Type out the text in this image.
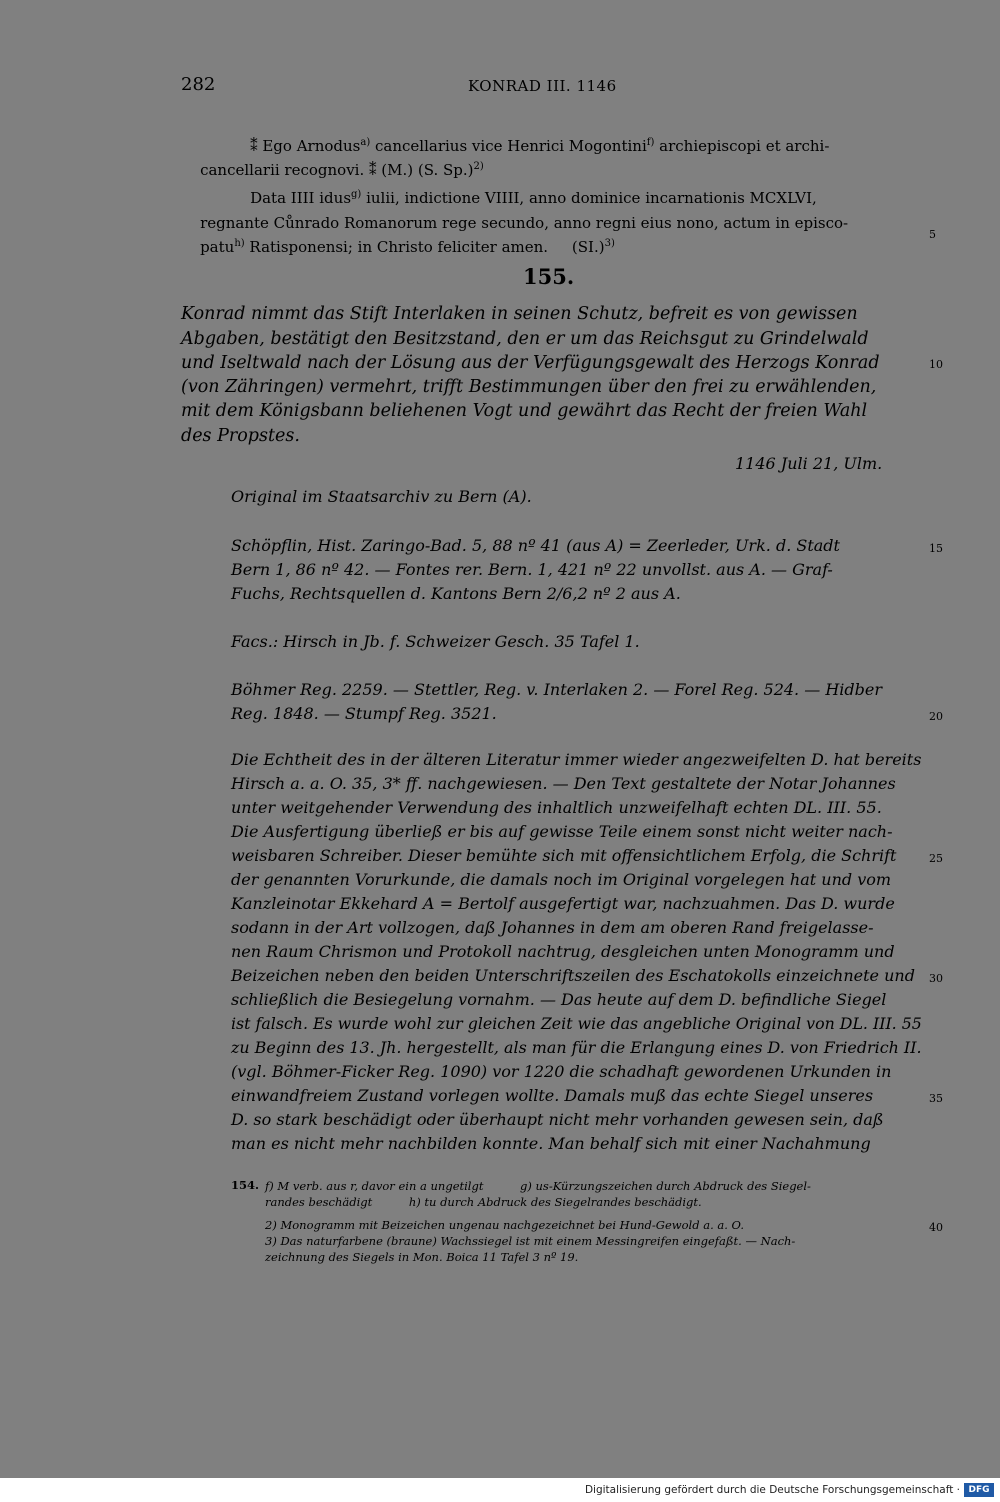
282	KONRAD III. 1146

⁑ Ego Arnodus$^{a)}$ cancellarius vice Henrici Mogontini$^{f)}$ archiepiscopi et archi-

cancellarii recognovi. ⁑ (M.) (S. Sp.)$^{2)}$

Data IIII idus$^{g)}$ iulii, indictione VIIII, anno dominice incarnationis MCXLVI,

regnante Cůnrado Romanorum rege secundo, anno regni eius nono, actum in episco-

patu$^{h)}$ Ratisponensi; in Christo feliciter amen.     $(SI.)^{3)}$

155.
Konrad nimmt das Stift Interlaken in seinen Schutz, befreit es von gewissen
Abgaben, bestätigt den Besitzstand, den er um das Reichsgut zu Grindelwald
und Iseltwald nach der Lösung aus der Verfügungsgewalt des Herzogs Konrad
(von Zähringen) vermehrt, trifft Bestimmungen über den frei zu erwählenden,
mit dem Königsbann beliehenen Vogt und gewährt das Recht der freien Wahl
des Propstes.
1146 Juli 21, Ulm.
Original im Staatsarchiv zu Bern (A).
Schöpflin, Hist. Zaringo-Bad. 5, 88 nº 41 (aus A) = Zeerleder, Urk. d. Stadt
Bern 1, 86 nº 42. — Fontes rer. Bern. 1, 421 nº 22 unvollst. aus A. — Graf-
Fuchs, Rechtsquellen d. Kantons Bern 2/6,2 nº 2 aus A.
Facs.: Hirsch in Jb. f. Schweizer Gesch. 35 Tafel 1.
Böhmer Reg. 2259. — Stettler, Reg. v. Interlaken 2. — Forel Reg. 524. — Hidber
Reg. 1848. — Stumpf Reg. 3521.
Die Echtheit des in der älteren Literatur immer wieder angezweifelten D. hat bereits
Hirsch a. a. O. 35, 3* ff. nachgewiesen. — Den Text gestaltete der Notar Johannes
unter weitgehender Verwendung des inhaltlich unzweifelhaft echten DL. III. 55.
Die Ausfertigung überließ er bis auf gewisse Teile einem sonst nicht weiter nach-
weisbaren Schreiber. Dieser bemühte sich mit offensichtlichem Erfolg, die Schrift
der genannten Vorurkunde, die damals noch im Original vorgelegen hat und vom
Kanzleinotar Ekkehard A = Bertolf ausgefertigt war, nachzuahmen. Das D. wurde
sodann in der Art vollzogen, daß Johannes in dem am oberen Rand freigelasse-
nen Raum Chrismon und Protokoll nachtrug, desgleichen unten Monogramm und
Beizeichen neben den beiden Unterschriftszeilen des Eschatokolls einzeichnete und
schließlich die Besiegelung vornahm. — Das heute auf dem D. befindliche Siegel
ist falsch. Es wurde wohl zur gleichen Zeit wie das angebliche Original von DL. III. 55
zu Beginn des 13. Jh. hergestellt, als man für die Erlangung eines D. von Friedrich II.
(vgl. Böhmer-Ficker Reg. 1090) vor 1220 die schadhaft gewordenen Urkunden in
einwandfreiem Zustand vorlegen wollte. Damals muß das echte Siegel unseres
D. so stark beschädigt oder überhaupt nicht mehr vorhanden gewesen sein, daß
man es nicht mehr nachbilden konnte. Man behalf sich mit einer Nachahmung
154. f) M verb. aus r, davor ein a ungetilgt          g) us-Kürzungszeichen durch Abdruck des Siegel-
randes beschädigt          h) tu durch Abdruck des Siegelrandes beschädigt.
2) Monogramm mit Beizeichen ungenau nachgezeichnet bei Hund-Gewold a. a. O.
3) Das naturfarbene (braune) Wachssiegel ist mit einem Messingreifen eingefaßt. — Nach-
zeichnung des Siegels in Mon. Boica 11 Tafel 3 nº 19.
5
10
15
20
25
30
35
40
Digitalisierung gefördert durch die Deutsche Forschungsgemeinschaft · DFG
